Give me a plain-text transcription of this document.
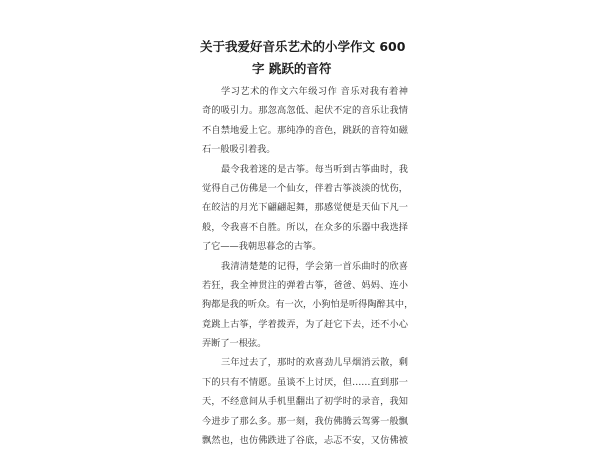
关于我爱好音乐艺术的小学作文 600
字 跳跃的音符
学习艺术的作文六年级习作 音乐对我有着神
奇的吸引力。那忽高忽低、起伏不定的音乐让我情
不自禁地爱上它。那纯净的音色，跳跃的音符如磁
石一般吸引着我。
最令我着迷的是古筝。每当听到古筝曲时，我
觉得自己仿佛是一个仙女，伴着古筝淡淡的忧伤，
在皎洁的月光下翩翩起舞，那感觉便是天仙下凡一
般，令我喜不自胜。所以，在众多的乐器中我选择
了它——我朝思暮念的古筝。
我清清楚楚的记得，学会第一首乐曲时的欣喜
若狂，我全神贯注的弹着古筝，爸爸、妈妈、连小
狗都是我的听众。有一次，小狗怕是听得陶醉其中，
竟跳上古筝，学着拨弄，为了赶它下去，还不小心
弄断了一根弦。
三年过去了，那时的欢喜劲儿早烟消云散，剩
下的只有不情愿。虽谈不上讨厌，但……直到那一
天，不经意间从手机里翻出了初学时的录音，我知
今进步了那么多。那一刻，我仿佛腾云驾雾一般飘
飘然也，也仿佛跌进了谷底，忐忑不安，又仿佛被
